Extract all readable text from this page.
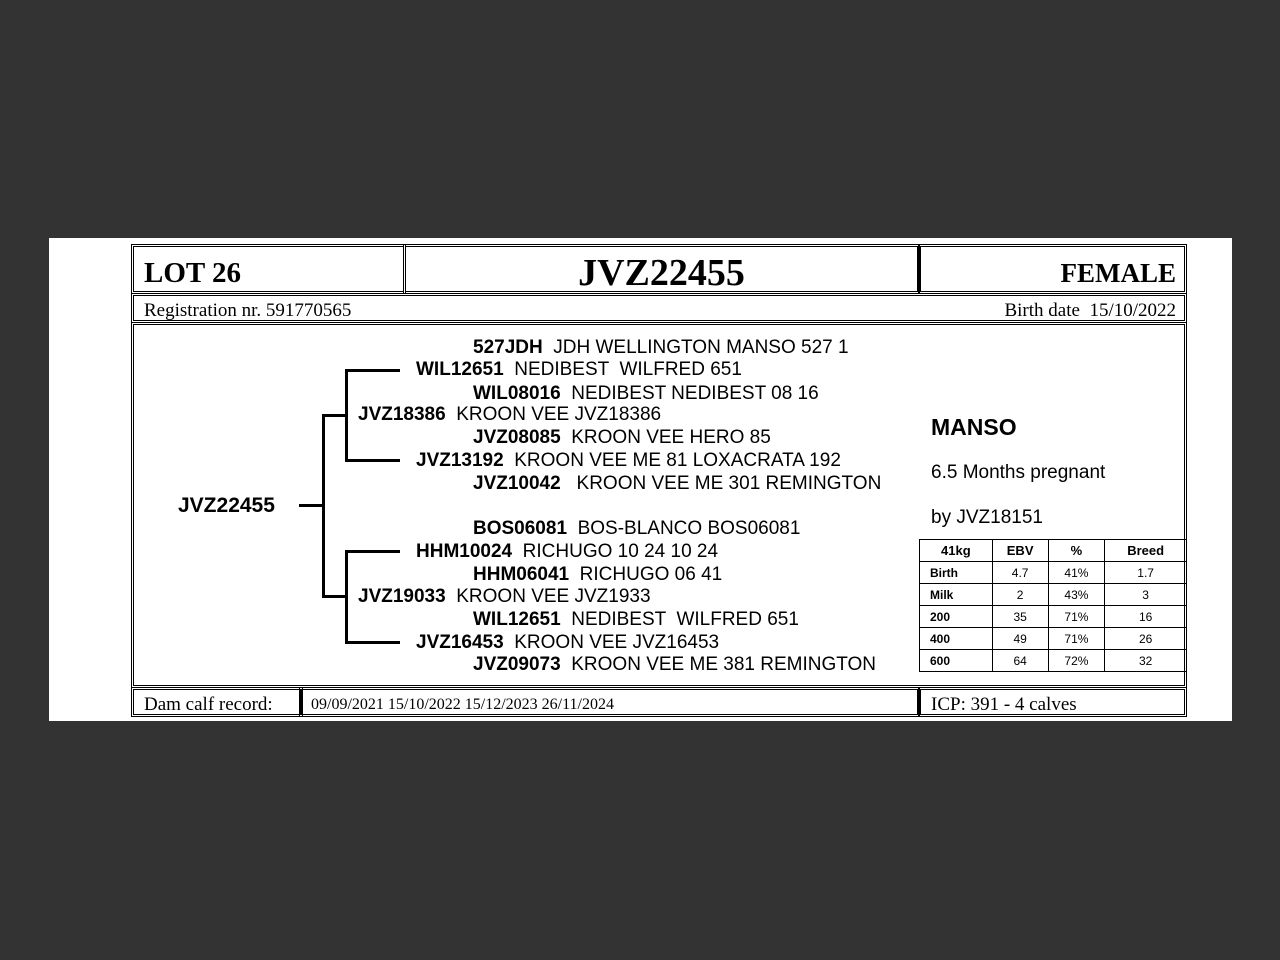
LOT 26	JVZ22455	FEMALE
Registration nr. 591770565	Birth date 15/10/2022
JVZ22455
527JDH JDH WELLINGTON MANSO 527 1
WIL12651 NEDIBEST  WILFRED 651
WIL08016 NEDIBEST NEDIBEST 08 16
JVZ18386 KROON VEE JVZ18386
JVZ08085 KROON VEE HERO 85
JVZ13192 KROON VEE ME 81 LOXACRATA 192
JVZ10042 KROON VEE ME 301 REMINGTON
BOS06081 BOS-BLANCO BOS06081
HHM10024 RICHUGO 10 24 10 24
HHM06041 RICHUGO 06 41
JVZ19033 KROON VEE JVZ1933
WIL12651 NEDIBEST  WILFRED 651
JVZ16453 KROON VEE JVZ16453
JVZ09073 KROON VEE ME 381 REMINGTON
MANSO
6.5 Months pregnant
by JVZ18151
41kg	EBV	%	Breed
Birth	4.7	41%	1.7
Milk	2	43%	3
200	35	71%	16
400	49	71%	26
600	64	72%	32
Dam calf record: 09/09/2021 15/10/2022 15/12/2023 26/11/2024	ICP: 391 - 4 calves
